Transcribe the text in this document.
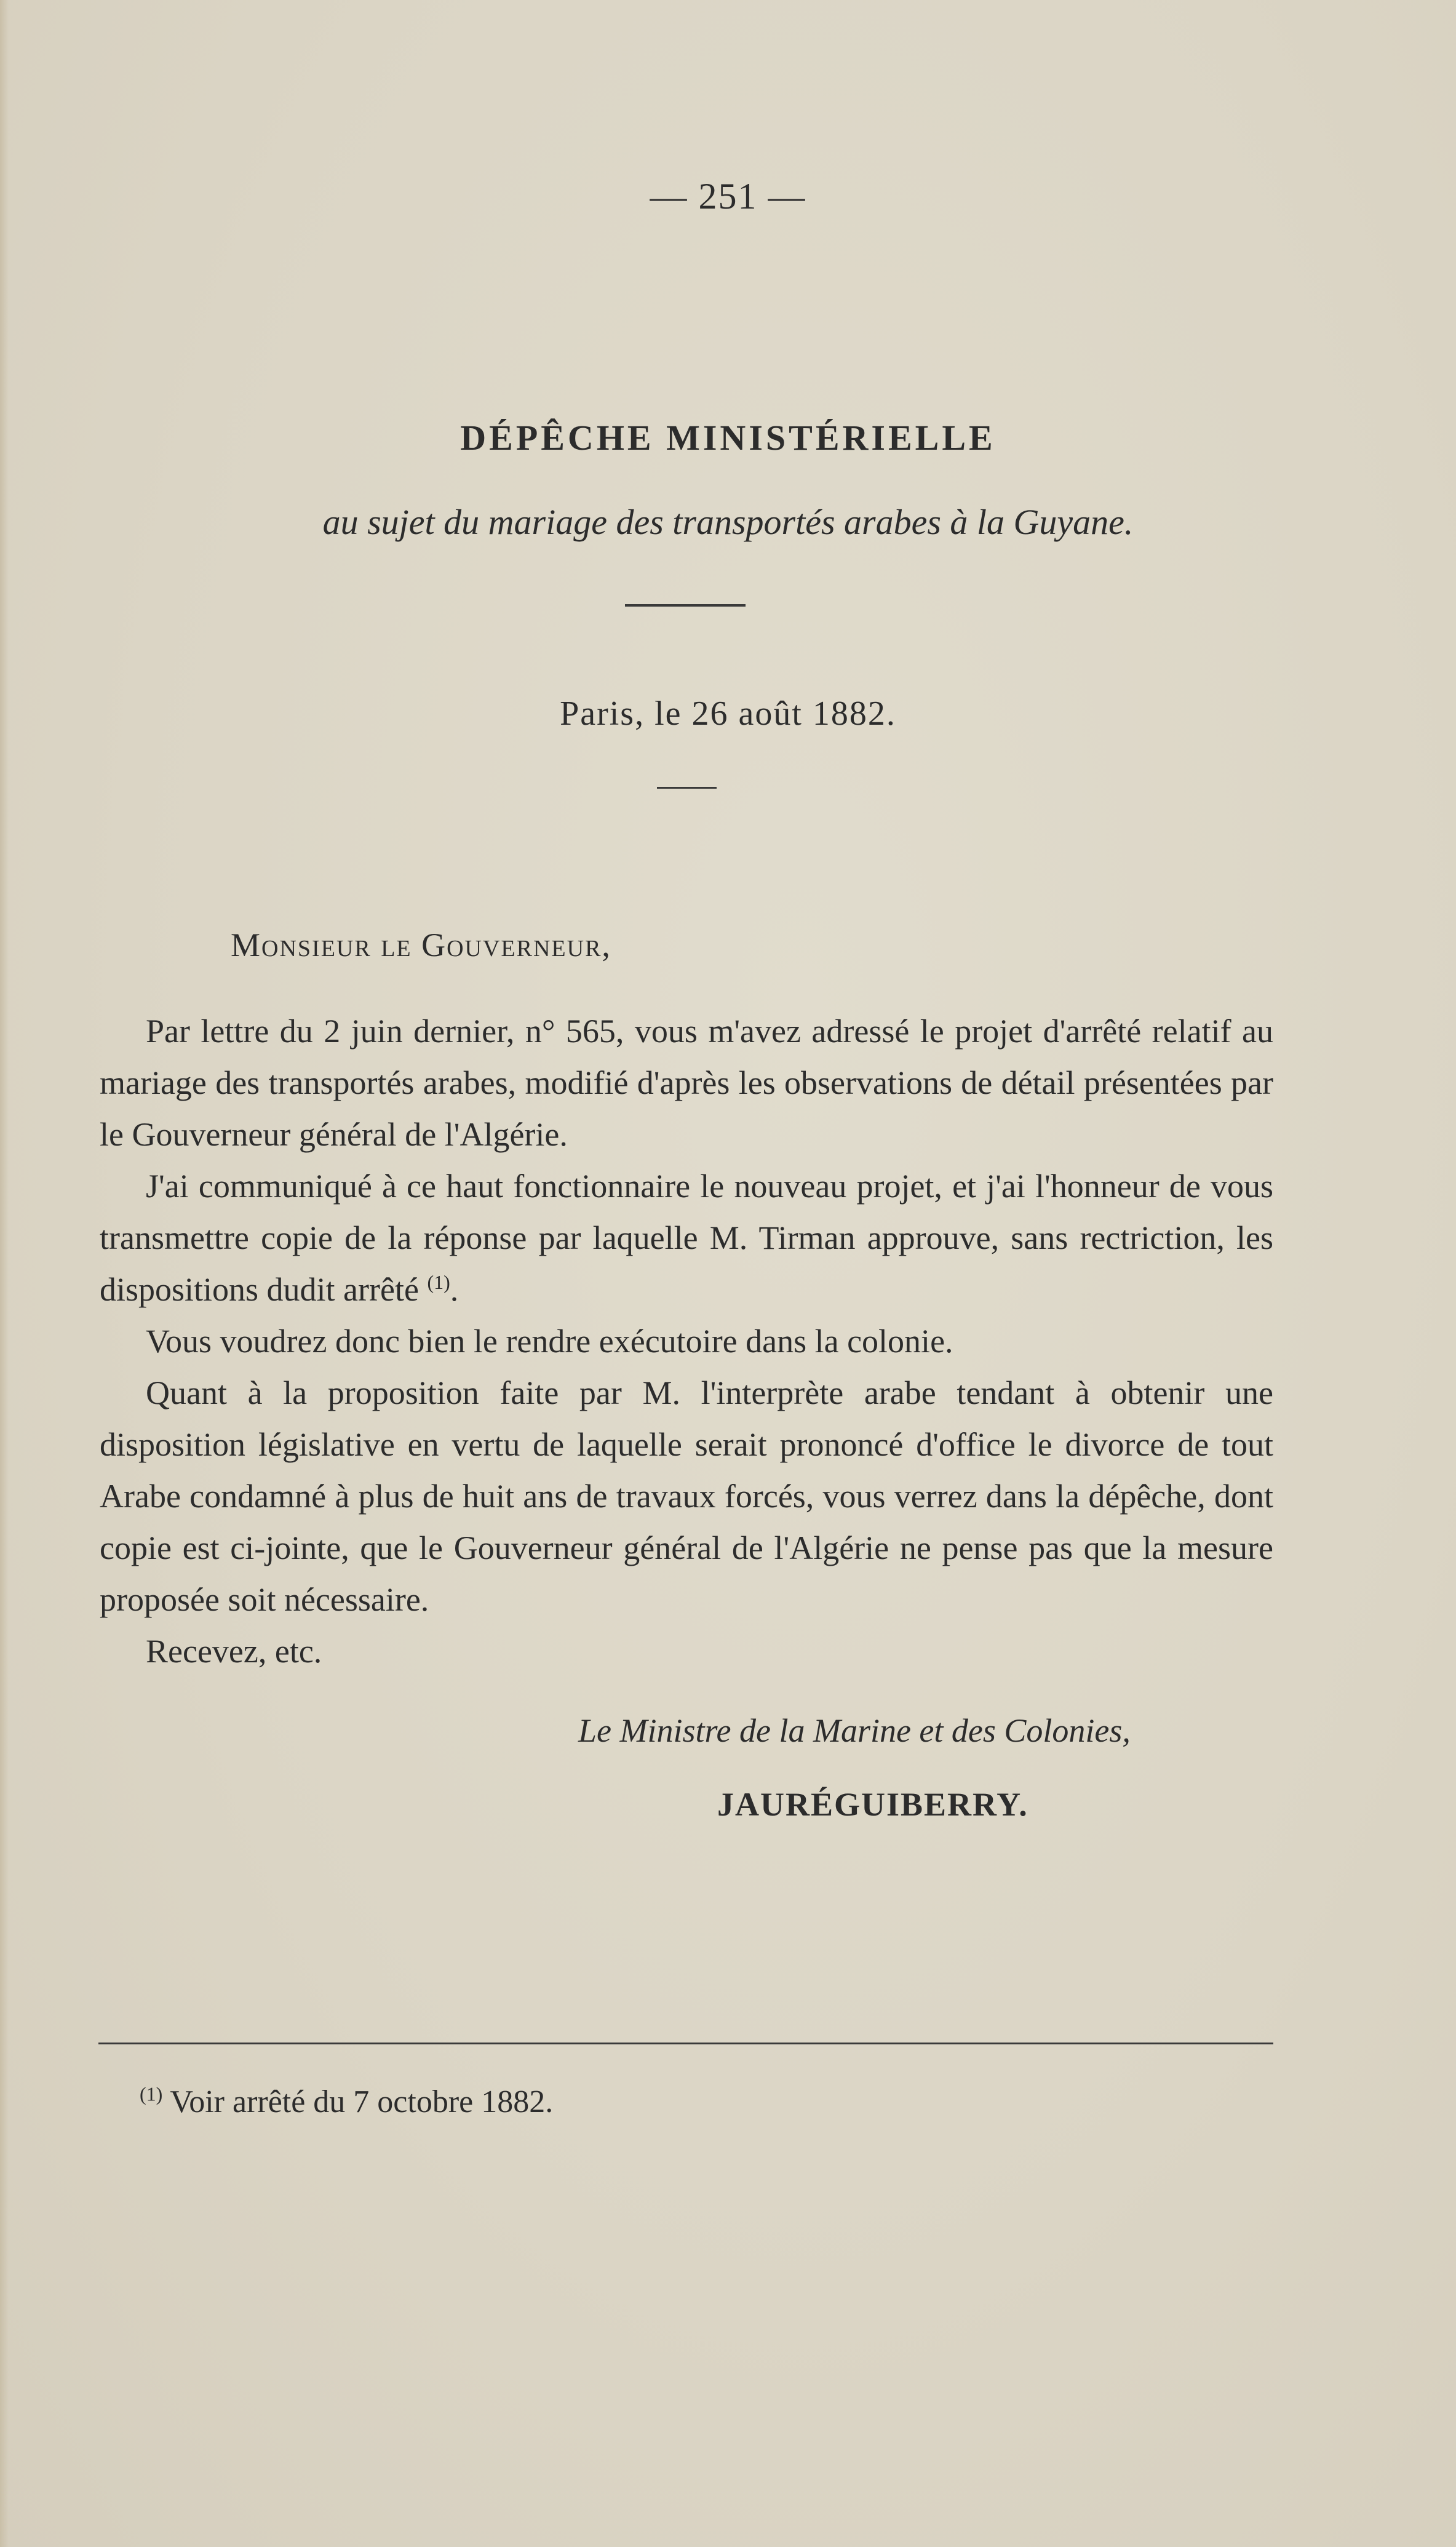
— 251 —
DÉPÊCHE MINISTÉRIELLE
au sujet du mariage des transportés arabes à la Guyane.
Paris, le 26 août 1882.
Monsieur le Gouverneur,

Par lettre du 2 juin dernier, n° 565, vous m'avez adressé le projet d'arrêté relatif au mariage des transportés arabes, modifié d'après les observations de détail présentées par le Gouverneur général de l'Algérie.

J'ai communiqué à ce haut fonctionnaire le nouveau projet, et j'ai l'honneur de vous transmettre copie de la réponse par laquelle M. Tirman approuve, sans rectriction, les dispositions dudit arrêté $^{(1)}$.

Vous voudrez donc bien le rendre exécutoire dans la colonie.

Quant à la proposition faite par M. l'interprète arabe tendant à obtenir une disposition législative en vertu de laquelle serait prononcé d'office le divorce de tout Arabe condamné à plus de huit ans de travaux forcés, vous verrez dans la dépêche, dont copie est ci-jointe, que le Gouverneur général de l'Algérie ne pense pas que la mesure proposée soit nécessaire.

Recevez, etc.

Le Ministre de la Marine et des Colonies,
JAURÉGUIBERRY.
$^{(1)}$ Voir arrêté du 7 octobre 1882.
